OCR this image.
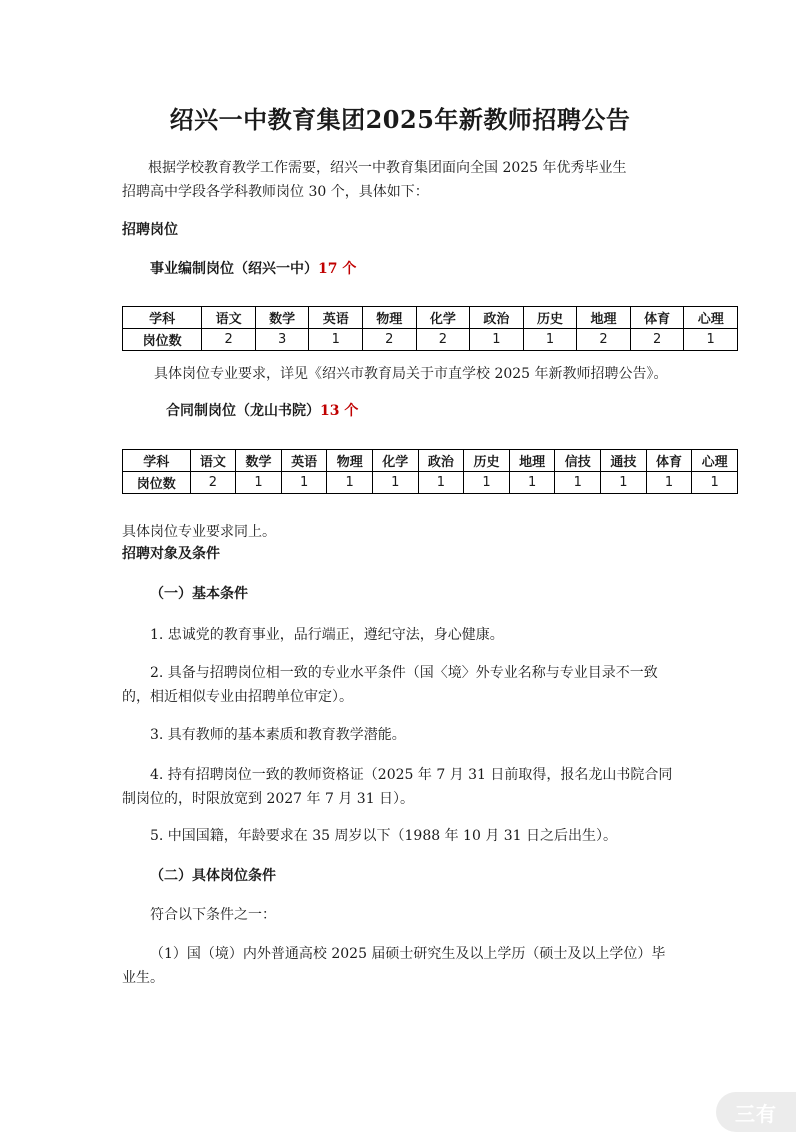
绍兴一中教育集团2025年新教师招聘公告
根据学校教育教学工作需要，绍兴一中教育集团面向全国 2025 年优秀毕业生
招聘高中学段各学科教师岗位 30 个，具体如下：
招聘岗位
事业编制岗位（绍兴一中）17 个
学科	语文	数学	英语	物理	化学	政治	历史	地理	体育	心理
岗位数	2	3	1	2	2	1	1	2	2	1
具体岗位专业要求，详见《绍兴市教育局关于市直学校 2025 年新教师招聘公告》。
合同制岗位（龙山书院）13 个
学科	语文	数学	英语	物理	化学	政治	历史	地理	信技	通技	体育	心理
岗位数	2	1	1	1	1	1	1	1	1	1	1	1
具体岗位专业要求同上。
招聘对象及条件
（一）基本条件
1. 忠诚党的教育事业，品行端正，遵纪守法，身心健康。
2. 具备与招聘岗位相一致的专业水平条件（国〈境〉外专业名称与专业目录不一致
的，相近相似专业由招聘单位审定）。
3. 具有教师的基本素质和教育教学潜能。
4. 持有招聘岗位一致的教师资格证（2025 年 7 月 31 日前取得，报名龙山书院合同
制岗位的，时限放宽到 2027 年 7 月 31 日）。
5. 中国国籍，年龄要求在 35 周岁以下（1988 年 10 月 31 日之后出生）。
（二）具体岗位条件
符合以下条件之一：
（1）国（境）内外普通高校 2025 届硕士研究生及以上学历（硕士及以上学位）毕
业生。
三有
